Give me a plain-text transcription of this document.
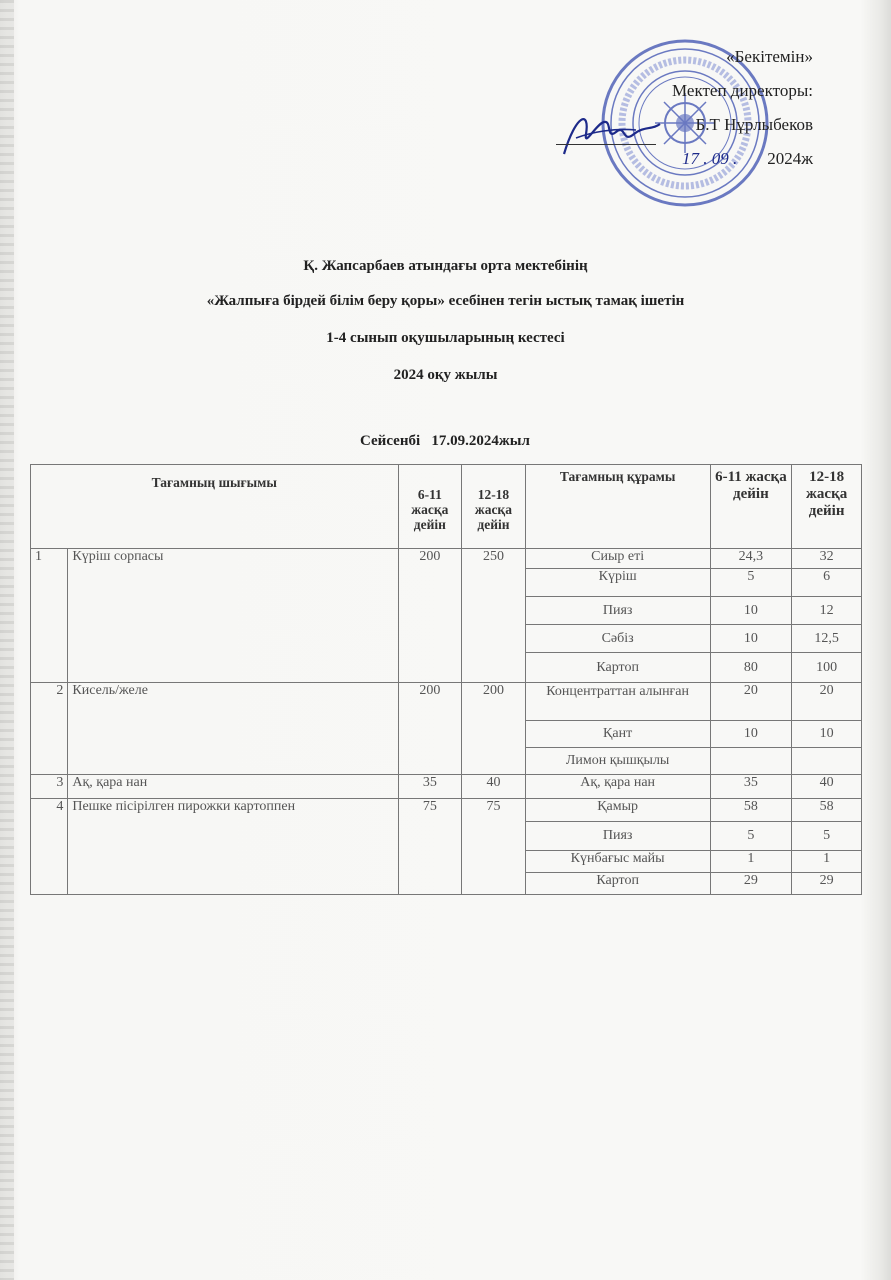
«Бекітемін»
Мектеп директоры:
Б.Т Нұрлыбеков
17 . 09 . 2024ж
Қ. Жапсарбаев атындағы орта мектебінің
«Жалпыға бірдей білім беру қоры» есебінен тегін ыстық тамақ ішетін
1-4 сынып оқушыларының кестесі
2024 оқу жылы
Сейсенбі   17.09.2024жыл
Тағамның шығымы		6-11 жасқа дейін	12-18 жасқа дейін	Тағамның құрамы	6-11 жасқа дейін	12-18 жасқа дейін
1	Күріш сорпасы	200	250	Сиыр еті	24,3	32
				Күріш	5	6
				Пияз	10	12
				Сәбіз	10	12,5
				Картоп	80	100
2	Кисель/желе	200	200	Концентраттан алынған	20	20
				Қант	10	10
				Лимон қышқылы		
3	Ақ, қара нан	35	40	Ақ, қара нан	35	40
4	Пешке пісірілген пирожки картоппен	75	75	Қамыр	58	58
				Пияз	5	5
				Күнбағыс майы	1	1
				Картоп	29	29
